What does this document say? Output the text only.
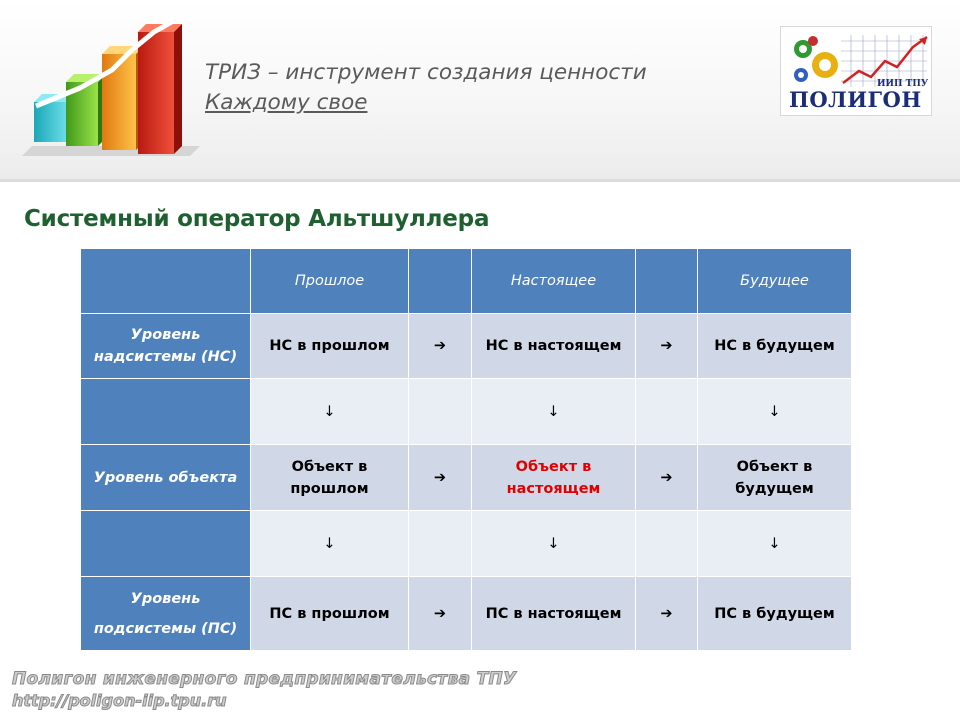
ТРИЗ – инструмент создания ценности
Каждому свое
ИИП ТПУ
ПОЛИГОН
Системный оператор Альтшуллера
	Прошлое		Настоящее		Будущее
Уровень
надсистемы (НС)	НС в прошлом	➔	НС в настоящем	➔	НС в будущем
	↓		↓		↓
Уровень объекта	Объект в прошлом	➔	Объект в настоящем	➔	Объект в будущем
	↓		↓		↓
Уровень
подсистемы (ПС)	ПС в прошлом	➔	ПС в настоящем	➔	ПС в будущем
Полигон инженерного предпринимательства ТПУ
http://poligon-iip.tpu.ru
